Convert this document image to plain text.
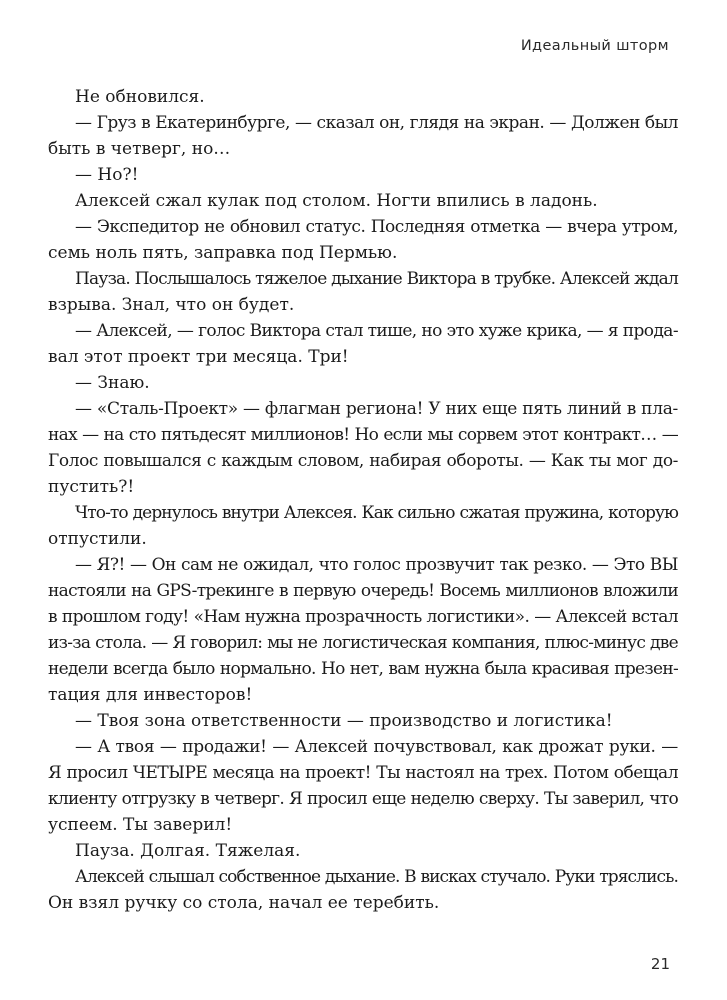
Идеальный шторм
Не обновился.
— Груз в Екатеринбурге, — сказал он, глядя на экран. — Должен был
быть в четверг, но…
— Но?!
Алексей сжал кулак под столом. Ногти впились в ладонь.
— Экспедитор не обновил статус. Последняя отметка — вчера утром,
семь ноль пять, заправка под Пермью.
Пауза. Послышалось тяжелое дыхание Виктора в трубке. Алексей ждал
взрыва. Знал, что он будет.
— Алексей, — голос Виктора стал тише, но это хуже крика, — я прода-
вал этот проект три месяца. Три!
— Знаю.
— «Сталь-Проект» — флагман региона! У них еще пять линий в пла-
нах — на сто пятьдесят миллионов! Но если мы сорвем этот контракт… —
Голос повышался с каждым словом, набирая обороты. — Как ты мог до-
пустить?!
Что-то дернулось внутри Алексея. Как сильно сжатая пружина, которую
отпустили.
— Я?! — Он сам не ожидал, что голос прозвучит так резко. — Это ВЫ
настояли на GPS-трекинге в первую очередь! Восемь миллионов вложили
в прошлом году! «Нам нужна прозрачность логистики». — Алексей встал
из-за стола. — Я говорил: мы не логистическая компания, плюс-минус две
недели всегда было нормально. Но нет, вам нужна была красивая презен-
тация для инвесторов!
— Твоя зона ответственности — производство и логистика!
— А твоя — продажи! — Алексей почувствовал, как дрожат руки. —
Я просил ЧЕТЫРЕ месяца на проект! Ты настоял на трех. Потом обещал
клиенту отгрузку в четверг. Я просил еще неделю сверху. Ты заверил, что
успеем. Ты заверил!
Пауза. Долгая. Тяжелая.
Алексей слышал собственное дыхание. В висках стучало. Руки тряслись.
Он взял ручку со стола, начал ее теребить.
21
